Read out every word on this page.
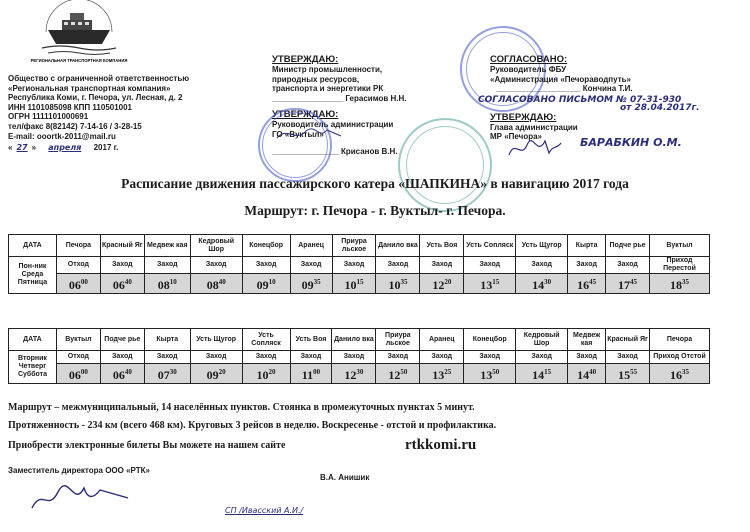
РЕГИОНАЛЬНАЯ ТРАНСПОРТНАЯ КОМПАНИЯ
Общество с ограниченной ответственностью
«Региональная транспортная компания»
Республика Коми, г. Печора, ул. Лесная, д. 2
ИНН 1101085098 КПП 110501001
ОГРН 1111101000691
тел/факс 8(82142) 7-14-16 / 3-28-15
E-mail: ooortk-2011@mail.ru
« 27 » апреля 2017 г.
УТВЕРЖДАЮ:
Министр промышленности,
природных ресурсов,
транспорта и энергетики РК
________________ Герасимов Н.Н.
УТВЕРЖДАЮ:
Руководитель администрации
ГО «Вуктыл»
_______________ Крисанов В.Н.
СОГЛАСОВАНО:
Руководитель ФБУ
«Администрация «Печораводпуть»
___________________ Кончина Т.И.
СОГЛАСОВАНО ПИСЬМОМ № 07-31-930
от 28.04.2017г.
УТВЕРЖДАЮ:
Глава администрации
МР «Печора»	БАРАБКИН О.М.
Расписание движения пассажирского катера «ШАПКИНА» в навигацию 2017 года
Маршрут: г. Печора - г. Вуктыл- г. Печора.
ДАТА	Печора	Красный Яг	Медвеж кая	Кедровый Шор	Конецбор	Аранец	Приура льское	Данило вка	Усть Воя	Усть Сопляск	Усть Щугор	Кырта	Подче рье	Вуктыл
Пон-ник Среда Пятница	Отход	Заход	Заход	Заход	Заход	Заход	Заход	Заход	Заход	Заход	Заход	Заход	Заход	Приход Перестой
	$06^{00}$	$06^{40}$	$08^{10}$	$08^{40}$	$09^{10}$	$09^{35}$	$10^{15}$	$10^{35}$	$12^{20}$	$13^{15}$	$14^{30}$	$16^{45}$	$17^{45}$	$18^{35}$
ДАТА	Вуктыл	Подче рье	Кырта	Усть Щугор	Усть Сопляск	Усть Воя	Данило вка	Приура льское	Аранец	Конецбор	Кедровый Шор	Медвеж кая	Красный Яг	Печора
Вторник Четверг Суббота	Отход	Заход	Заход	Заход	Заход	Заход	Заход	Заход	Заход	Заход	Заход	Заход	Заход	Приход Отстой
	$06^{00}$	$06^{40}$	$07^{30}$	$09^{20}$	$10^{20}$	$11^{00}$	$12^{30}$	$12^{50}$	$13^{25}$	$13^{50}$	$14^{15}$	$14^{40}$	$15^{55}$	$16^{35}$
Маршрут – межмуниципальный, 14 населённых пунктов. Стоянка в промежуточных пунктах 5 минут.
Протяженность - 234 км (всего 468 км). Круговых 3 рейсов в неделю. Воскресенье - отстой и профилактика.
Приобрести электронные билеты Вы можете на нашем сайте	rtkkomi.ru
Заместитель директора ООО «РТК»
В.А. Анишик
СП /Ивасский А.И./
